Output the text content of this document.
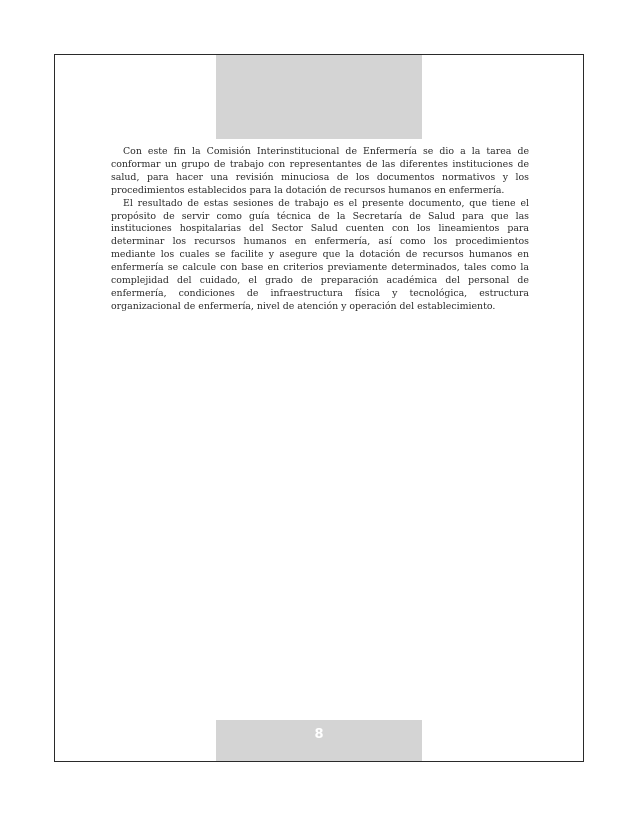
Con este fin la Comisión Interinstitucional de Enfermería se dio a la tarea de conformar un grupo de trabajo con representantes de las diferentes instituciones de salud, para hacer una revisión minuciosa de los documentos normativos y los procedimientos establecidos para la dotación de recursos humanos en enfermería.

El resultado de estas sesiones de trabajo es el presente documento, que tiene el propósito de servir como guía técnica de la Secretaría de Salud para que las instituciones hospitalarias del Sector Salud cuenten con los lineamientos para determinar los recursos humanos en enfermería, así como los procedimientos mediante los cuales se facilite y asegure que la dotación de recursos humanos en enfermería se calcule con base en criterios previamente determinados, tales como la complejidad del cuidado, el grado de preparación académica del personal de enfermería, condiciones de infraestructura física y tecnológica, estructura organizacional de enfermería, nivel de atención y operación del establecimiento.

8
